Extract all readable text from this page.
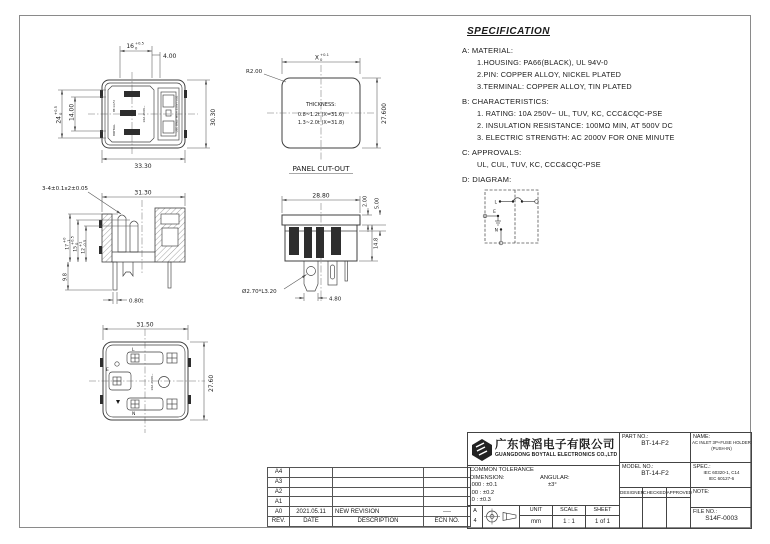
BT-14-F2
BOYTALL
10A 250V~	USE ONLY WITH 250V FUSE
16 +0.5
0
4.00
24
+0.5 0 14.00
33.30
30.30
R2.00
X +0.1
0
27.600
THICKNESS:
0.8~1.2t (X=31.6)
1.3~2.0t (X=31.8)
PANEL CUT-OUT
SPECIFICATION
A: MATERIAL:
1.HOUSING: PA66(BLACK), UL 94V-0
2.PIN: COPPER ALLOY, NICKEL PLATED
3.TERMINAL: COPPER ALLOY, TIN PLATED
B: CHARACTERISTICS:
1. RATING: 10A 250V~ UL, TUV, KC, CCC&CQC-PSE
2. INSULATION RESISTANCE: 100MΩ MIN, AT 500V DC
3. ELECTRIC STRENGTH: AC 2000V FOR ONE MINUTE
C: APPROVALS:
UL, CUL, TUV, KC, CCC&CQC-PSE
D: DIAGRAM:
L
E
N
3-4±0.1x2±0.05
31.30
17
+0 -1
15
+0.5 0
12
+1 -0.5
9.8
0.80t
28.80	2.00 5.00
14.8
Ø2.70*L3.20
4.80
L
E
N
10A 250V~
31.50
27.60
A4			
A3			
A2			
A1			
A0	2021.05.11	NEW REVISION	----
REV.	DATE	DESCRIPTION	ECN NO.
广东博滔电子有限公司
GUANGDONG BOYTALL ELECTRONICS CO.,LTD
COMMON TOLERANCE
DIMENSION:	ANGULAR:
±3°
.000 : ±0.1
.00 : ±0.2
.0 : ±0.3
A
4
UNIT
mm
SCALE
1 : 1
SHEET
1 of 1
PART NO.:
BT-14-F2
MODEL NO.:
BT-14-F2
DESIGNER CHECKED APPROVED
NAME:
AC INLET 3P+FUSE HOLDER
(PUSH-IN)
SPEC.:
IEC 60320-1, C14
IEC 60127-6
NOTE:
FILE NO.:
S14F-0003
